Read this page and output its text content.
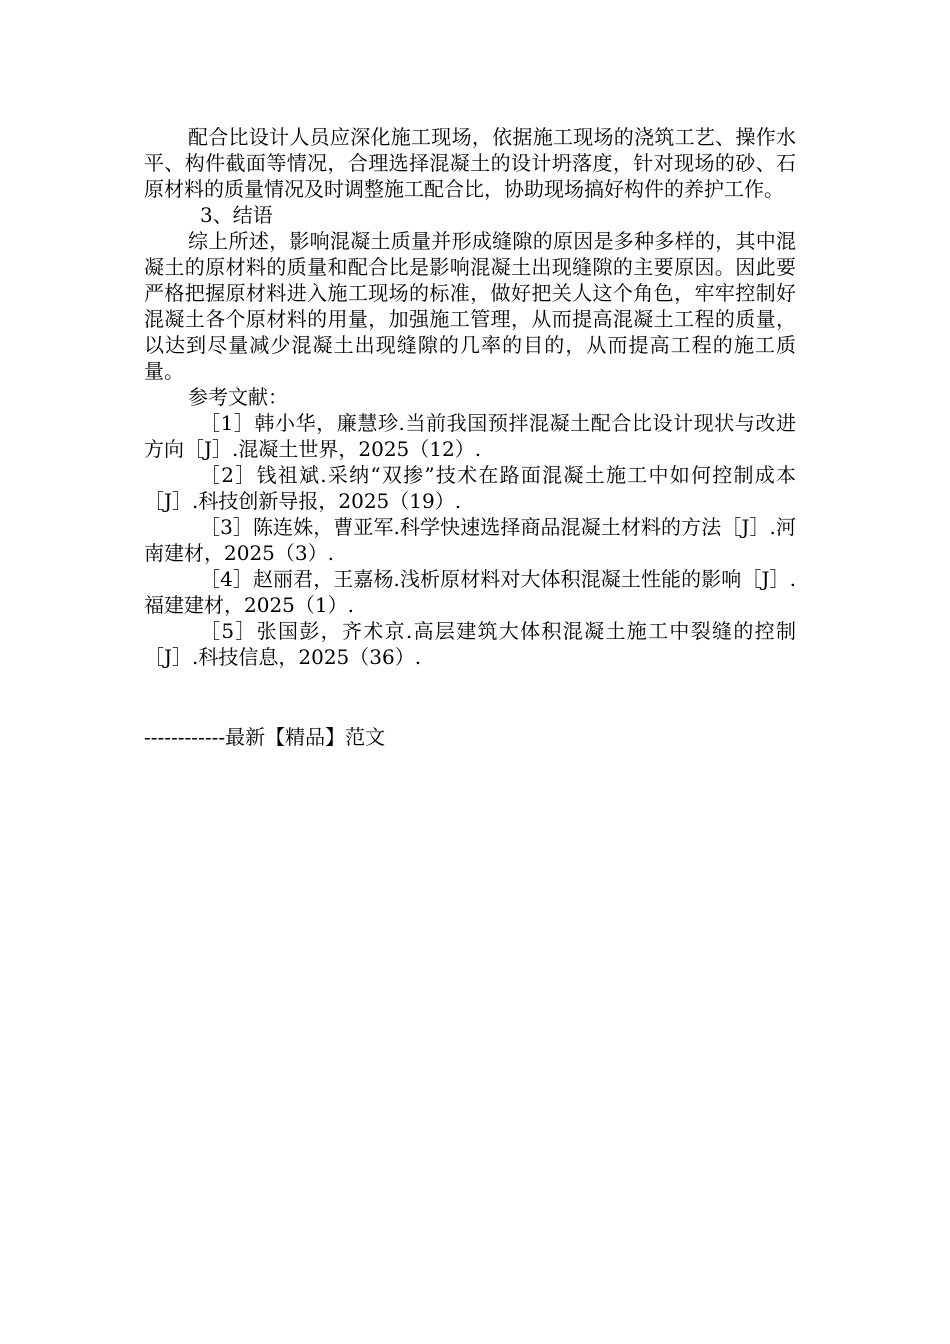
配合比设计人员应深化施工现场，依据施工现场的浇筑工艺、操作水平、构件截面等情况，合理选择混凝土的设计坍落度，针对现场的砂、石原材料的质量情况及时调整施工配合比，协助现场搞好构件的养护工作。

3、结语

综上所述，影响混凝土质量并形成缝隙的原因是多种多样的，其中混凝土的原材料的质量和配合比是影响混凝土出现缝隙的主要原因。因此要严格把握原材料进入施工现场的标准，做好把关人这个角色，牢牢控制好混凝土各个原材料的用量，加强施工管理，从而提高混凝土工程的质量，以达到尽量减少混凝土出现缝隙的几率的目的，从而提高工程的施工质量。

参考文献：

［1］韩小华，廉慧珍.当前我国预拌混凝土配合比设计现状与改进方向［J］.混凝土世界，2025（12）.

［2］钱祖斌.采纳“双掺”技术在路面混凝土施工中如何控制成本［J］.科技创新导报，2025（19）.

［3］陈连姝，曹亚军.科学快速选择商品混凝土材料的方法［J］.河南建材，2025（3）.

［4］赵丽君，王嘉杨.浅析原材料对大体积混凝土性能的影响［J］.福建建材，2025（1）.

［5］张国彭，齐术京.高层建筑大体积混凝土施工中裂缝的控制［J］.科技信息，2025（36）.

------------最新【精品】范文
